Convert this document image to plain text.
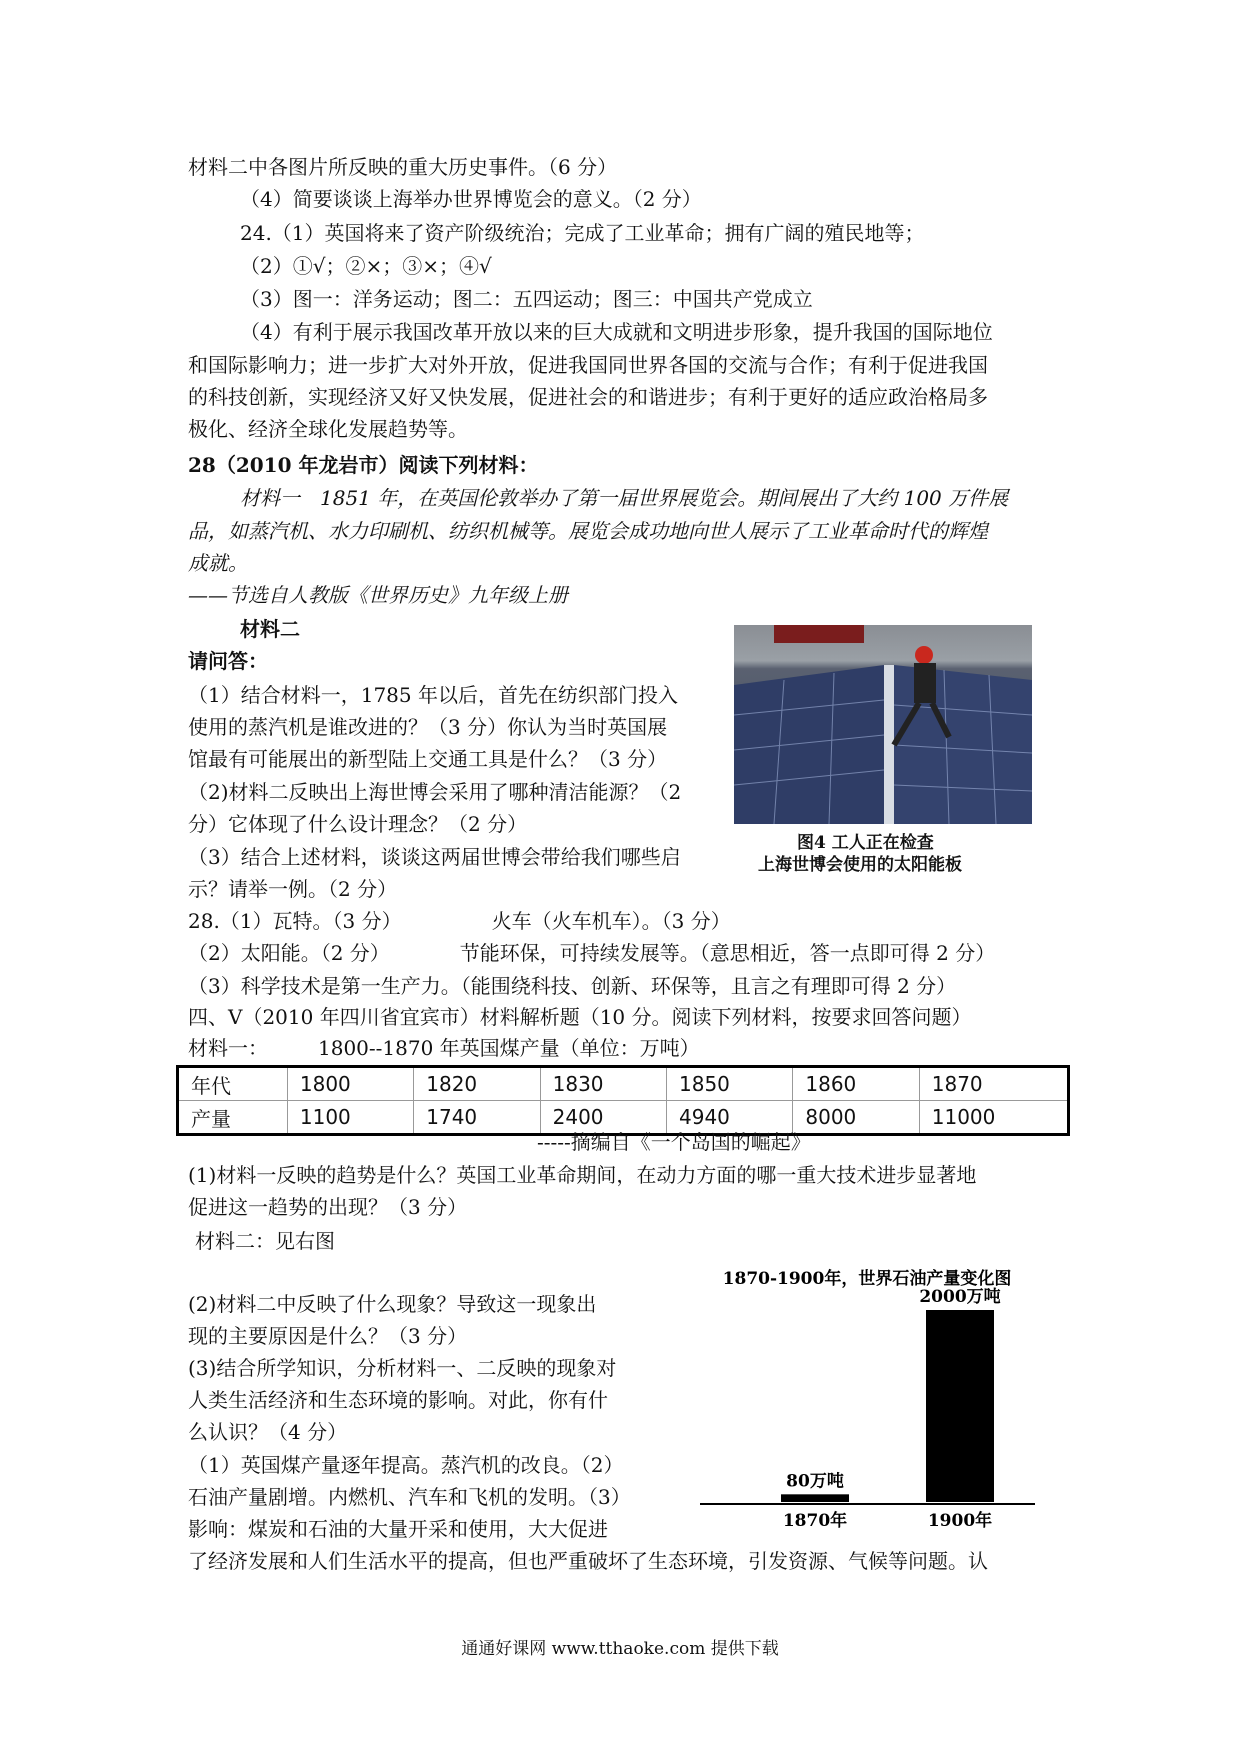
材料二中各图片所反映的重大历史事件。（6 分）
（4）简要谈谈上海举办世界博览会的意义。（2 分）
24.（1）英国将来了资产阶级统治；完成了工业革命；拥有广阔的殖民地等；
（2）①√；②×；③×；④√
（3）图一：洋务运动；图二：五四运动；图三：中国共产党成立
（4）有利于展示我国改革开放以来的巨大成就和文明进步形象，提升我国的国际地位
和国际影响力；进一步扩大对外开放，促进我国同世界各国的交流与合作；有利于促进我国
的科技创新，实现经济又好又快发展，促进社会的和谐进步；有利于更好的适应政治格局多
极化、经济全球化发展趋势等。
28（2010 年龙岩市）阅读下列材料：
材料一　1851 年，在英国伦敦举办了第一届世界展览会。期间展出了大约 100 万件展
品，如蒸汽机、水力印刷机、纺织机械等。展览会成功地向世人展示了工业革命时代的辉煌
成就。
——节选自人教版《世界历史》九年级上册
材料二
请问答：
（1）结合材料一，1785 年以后，首先在纺织部门投入
使用的蒸汽机是谁改进的？（3 分）你认为当时英国展
馆最有可能展出的新型陆上交通工具是什么？（3 分）
（2)材料二反映出上海世博会采用了哪种清洁能源？（2
分）它体现了什么设计理念？（2 分）
（3）结合上述材料，谈谈这两届世博会带给我们哪些启
示？请举一例。（2 分）
图4 工人正在检查
上海世博会使用的太阳能板
28.（1）瓦特。（3 分）　　　　　火车（火车机车）。（3 分）
（2）太阳能。（2 分）　　　　节能环保，可持续发展等。（意思相近，答一点即可得 2 分）
（3）科学技术是第一生产力。（能围绕科技、创新、环保等，且言之有理即可得 2 分）
四、V（2010 年四川省宜宾市）材料解析题（10 分。阅读下列材料，按要求回答问题）
材料一：　　　1800--1870 年英国煤产量（单位：万吨）
年代	1800	1820	1830	1850	1860	1870
产量	1100	1740	2400	4940	8000	11000
-----摘编自《一个岛国的崛起》
(1)材料一反映的趋势是什么？英国工业革命期间，在动力方面的哪一重大技术进步显著地
促进这一趋势的出现？（3 分）
材料二：见右图
(2)材料二中反映了什么现象？导致这一现象出
现的主要原因是什么？（3 分）
(3)结合所学知识，分析材料一、二反映的现象对
人类生活经济和生态环境的影响。对此，你有什
么认识？（4 分）
（1）英国煤产量逐年提高。蒸汽机的改良。（2）
石油产量剧增。内燃机、汽车和飞机的发明。（3）
影响：煤炭和石油的大量开采和使用，大大促进
了经济发展和人们生活水平的提高，但也严重破坏了生态环境，引发资源、气候等问题。认
1870-1900年，世界石油产量变化图
80万吨
1870年
2000万吨
1900年
通通好课网 www.tthaoke.com 提供下载
